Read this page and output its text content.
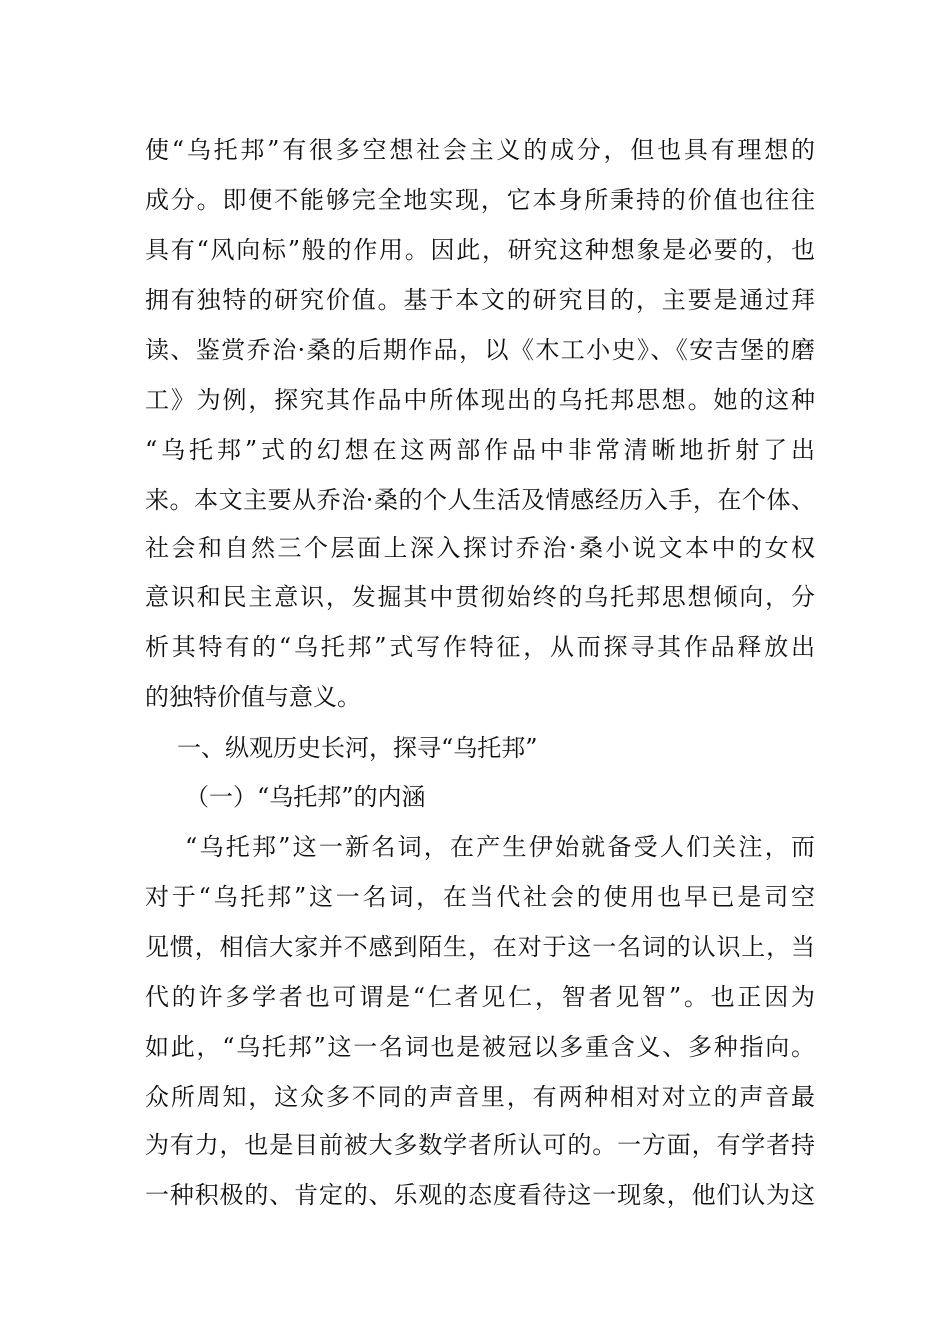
使“乌托邦”有很多空想社会主义的成分，但也具有理想的
成分。即便不能够完全地实现，它本身所秉持的价值也往往
具有“风向标”般的作用。因此，研究这种想象是必要的，也
拥有独特的研究价值。基于本文的研究目的，主要是通过拜
读、鉴赏乔治·桑的后期作品，以《木工小史》、《安吉堡的磨
工》为例，探究其作品中所体现出的乌托邦思想。她的这种
“乌托邦”式的幻想在这两部作品中非常清晰地折射了出
来。本文主要从乔治·桑的个人生活及情感经历入手，在个体、
社会和自然三个层面上深入探讨乔治·桑小说文本中的女权
意识和民主意识，发掘其中贯彻始终的乌托邦思想倾向，分
析其特有的“乌托邦”式写作特征，从而探寻其作品释放出
的独特价值与意义。
一、纵观历史长河，探寻“乌托邦”
（一）“乌托邦”的内涵
“乌托邦”这一新名词，在产生伊始就备受人们关注，而
对于“乌托邦”这一名词，在当代社会的使用也早已是司空
见惯，相信大家并不感到陌生，在对于这一名词的认识上，当
代的许多学者也可谓是“仁者见仁，智者见智”。也正因为
如此，“乌托邦”这一名词也是被冠以多重含义、多种指向。
众所周知，这众多不同的声音里，有两种相对对立的声音最
为有力，也是目前被大多数学者所认可的。一方面，有学者持
一种积极的、肯定的、乐观的态度看待这一现象，他们认为这
